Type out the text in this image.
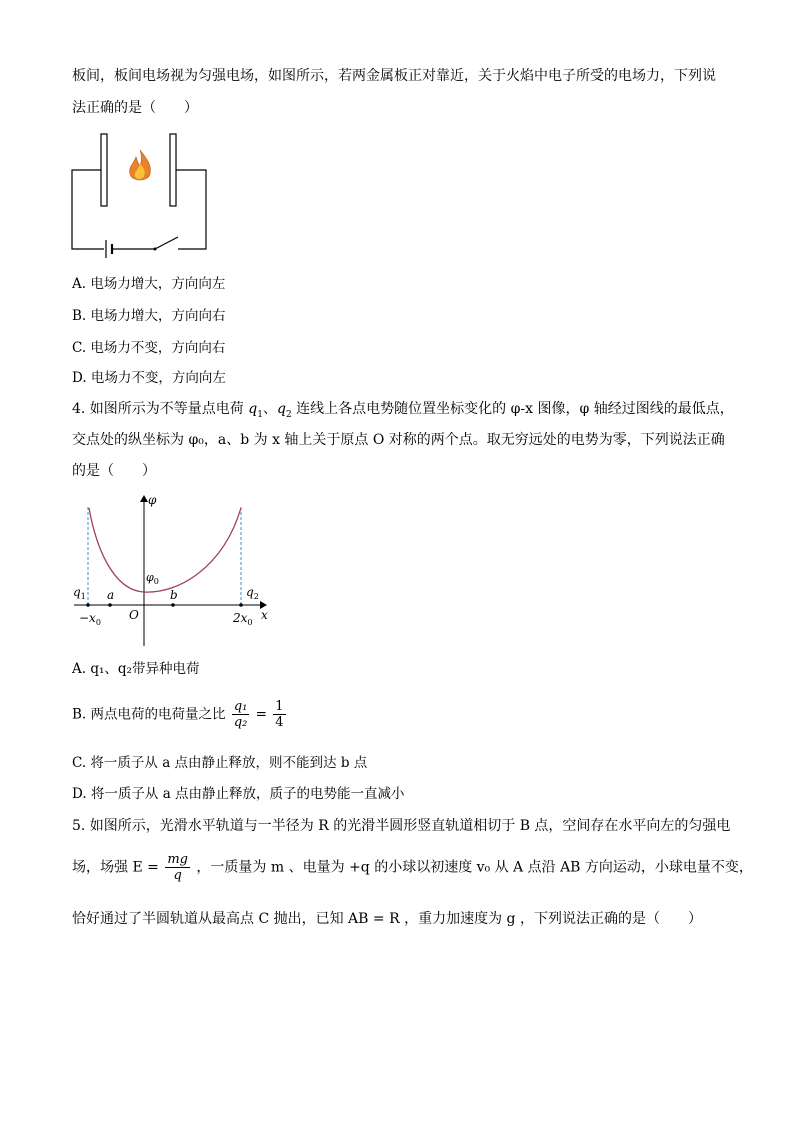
板间，板间电场视为匀强电场，如图所示，若两金属板正对靠近，关于火焰中电子所受的电场力，下列说
法正确的是（　　）
A. 电场力增大，方向向左
B. 电场力增大，方向向右
C. 电场力不变，方向向右
D. 电场力不变，方向向左
4. 如图所示为不等量点电荷 $q_1$、$q_2$ 连线上各点电势随位置坐标变化的 φ-x 图像，φ 轴经过图线的最低点，
交点处的纵坐标为 φ₀，a、b 为 x 轴上关于原点 O 对称的两个点。取无穷远处的电势为零，下列说法正确
的是（　　）
φ
$\varphi_0$
$q_1$ a	b	$q_2$
O
$-x_0$	$2x_0$
x
A. q₁、q₂带异种电荷
B. 两点电荷的电荷量之比 $\frac{\text{q₁}}{\text{q₂}} = \frac{1}{4}$
C. 将一质子从 a 点由静止释放，则不能到达 b 点
D. 将一质子从 a 点由静止释放，质子的电势能一直减小
5. 如图所示，光滑水平轨道与一半径为 R 的光滑半圆形竖直轨道相切于 B 点，空间存在水平向左的匀强电
场，场强 $E = \frac{mg}{q}$ ，一质量为 m 、电量为 +q 的小球以初速度 v₀ 从 A 点沿 AB 方向运动，小球电量不变，
恰好通过了半圆轨道从最高点 C 抛出，已知 AB = R ，重力加速度为 g ，下列说法正确的是（　　）
